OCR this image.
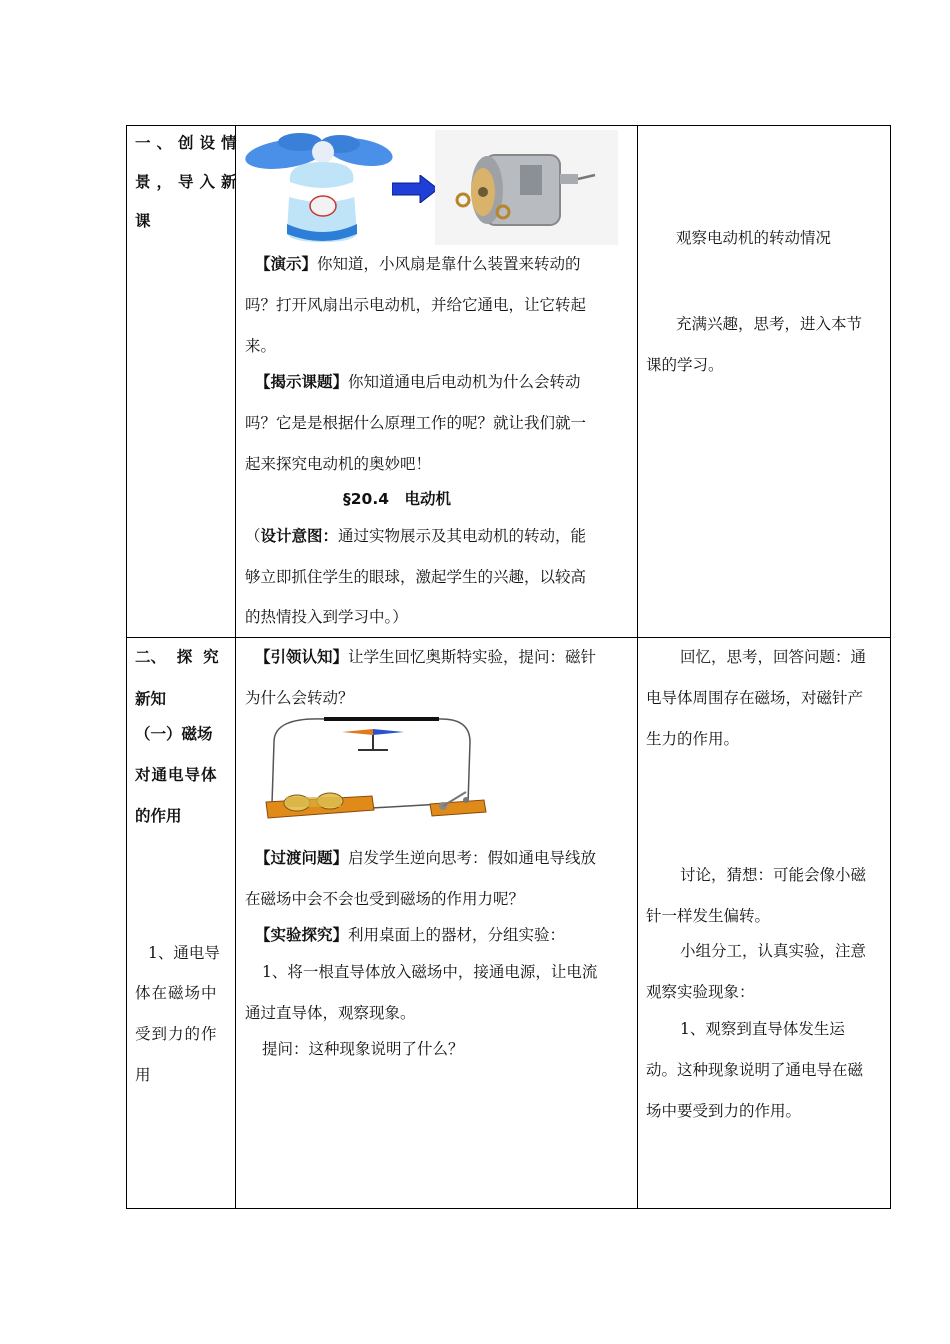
一、创设情
景，导入新
课
【演示】你知道，小风扇是靠什么装置来转动的
吗？打开风扇出示电动机，并给它通电，让它转起
来。
【揭示课题】你知道通电后电动机为什么会转动
吗？它是是根据什么原理工作的呢？就让我们就一
起来探究电动机的奥妙吧！
§20.4　电动机
（设计意图：通过实物展示及其电动机的转动，能
够立即抓住学生的眼球，激起学生的兴趣，以较高
的热情投入到学习中。）
观察电动机的转动情况
充满兴趣，思考，进入本节
课的学习。
二、  探  究
新知
（一）磁场
对通电导体
的作用
1、通电导
体在磁场中
受到力的作
用
【引领认知】让学生回忆奥斯特实验，提问：磁针
为什么会转动？
【过渡问题】启发学生逆向思考：假如通电导线放
在磁场中会不会也受到磁场的作用力呢？
【实验探究】利用桌面上的器材，分组实验：
1、将一根直导体放入磁场中，接通电源，让电流
通过直导体，观察现象。
提问：这种现象说明了什么？
回忆，思考，回答问题：通
电导体周围存在磁场，对磁针产
生力的作用。
讨论，猜想：可能会像小磁
针一样发生偏转。
小组分工，认真实验，注意
观察实验现象：
1、观察到直导体发生运
动。这种现象说明了通电导在磁
场中要受到力的作用。
